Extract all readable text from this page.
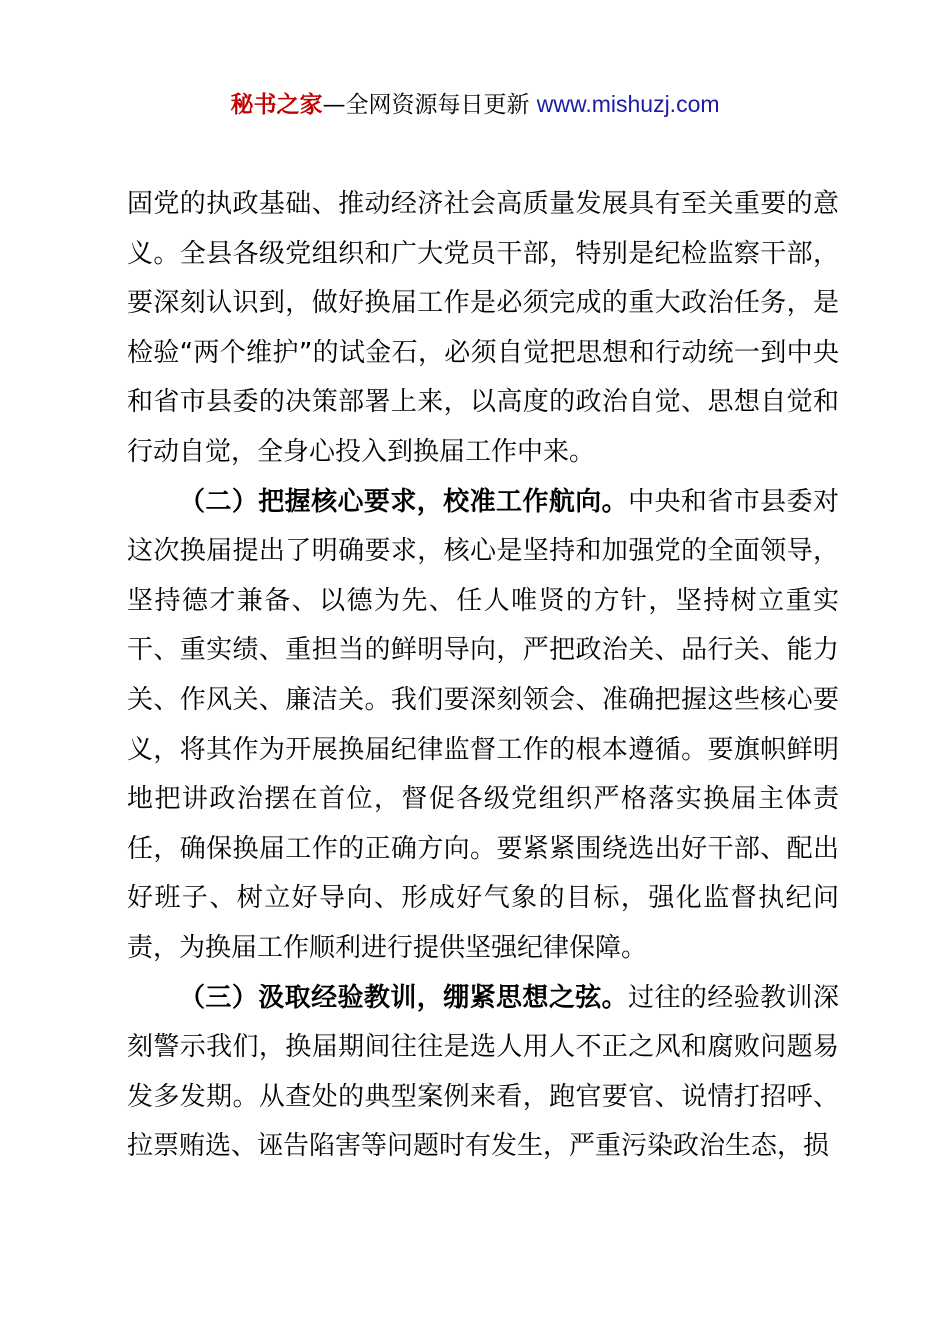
秘书之家—全网资源每日更新 www.mishuzj.com

固党的执政基础、推动经济社会高质量发展具有至关重要的意义。全县各级党组织和广大党员干部，特别是纪检监察干部，要深刻认识到，做好换届工作是必须完成的重大政治任务，是检验“两个维护”的试金石，必须自觉把思想和行动统一到中央和省市县委的决策部署上来，以高度的政治自觉、思想自觉和行动自觉，全身心投入到换届工作中来。

（二）把握核心要求，校准工作航向。中央和省市县委对这次换届提出了明确要求，核心是坚持和加强党的全面领导，坚持德才兼备、以德为先、任人唯贤的方针，坚持树立重实干、重实绩、重担当的鲜明导向，严把政治关、品行关、能力关、作风关、廉洁关。我们要深刻领会、准确把握这些核心要义，将其作为开展换届纪律监督工作的根本遵循。要旗帜鲜明地把讲政治摆在首位，督促各级党组织严格落实换届主体责任，确保换届工作的正确方向。要紧紧围绕选出好干部、配出好班子、树立好导向、形成好气象的目标，强化监督执纪问责，为换届工作顺利进行提供坚强纪律保障。

（三）汲取经验教训，绷紧思想之弦。过往的经验教训深刻警示我们，换届期间往往是选人用人不正之风和腐败问题易发多发期。从查处的典型案例来看，跑官要官、说情打招呼、拉票贿选、诬告陷害等问题时有发生，严重污染政治生态，损
